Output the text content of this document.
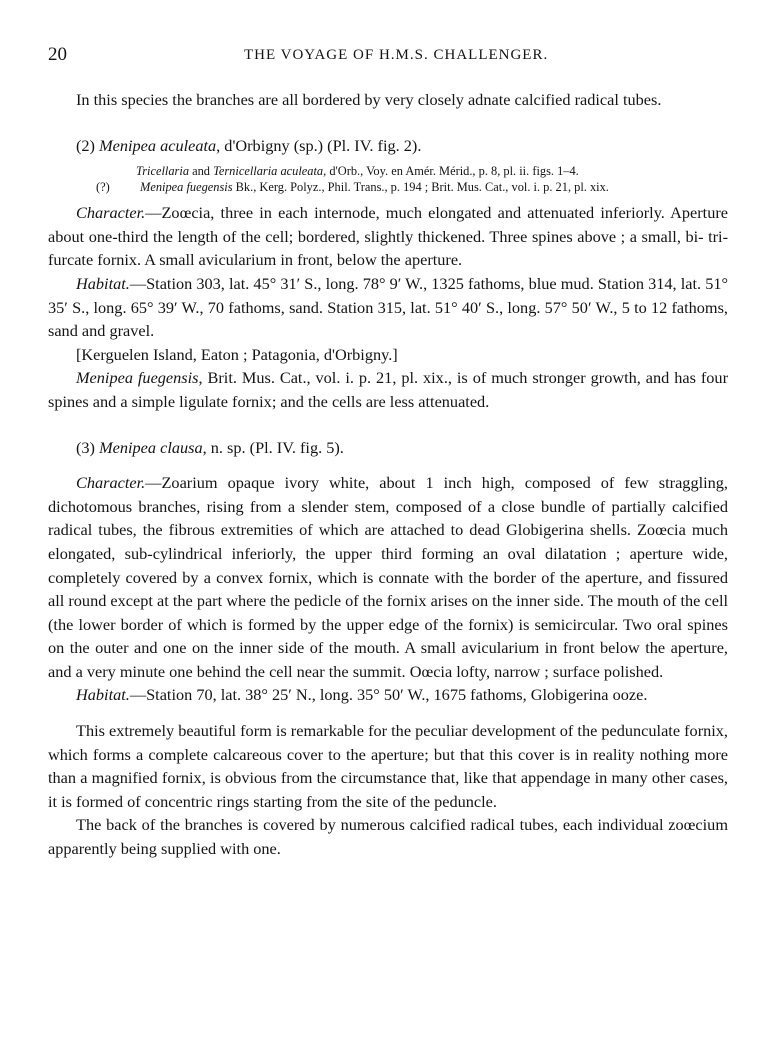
20	THE VOYAGE OF H.M.S. CHALLENGER.

In this species the branches are all bordered by very closely adnate calcified radical tubes.

(2) Menipea aculeata, d'Orbigny (sp.) (Pl. IV. fig. 2).

Tricellaria and Ternicellaria aculeata, d'Orb., Voy. en Amér. Mérid., p. 8, pl. ii. figs. 1–4.

(?) Menipea fuegensis Bk., Kerg. Polyz., Phil. Trans., p. 194 ; Brit. Mus. Cat., vol. i. p. 21, pl. xix.

Character.—Zoœcia, three in each internode, much elongated and attenuated inferiorly. Aperture about one-third the length of the cell; bordered, slightly thickened. Three spines above ; a small, bi- tri-furcate fornix. A small avicularium in front, below the aperture.

Habitat.—Station 303, lat. 45° 31′ S., long. 78° 9′ W., 1325 fathoms, blue mud. Station 314, lat. 51° 35′ S., long. 65° 39′ W., 70 fathoms, sand. Station 315, lat. 51° 40′ S., long. 57° 50′ W., 5 to 12 fathoms, sand and gravel.

[Kerguelen Island, Eaton ; Patagonia, d'Orbigny.]

Menipea fuegensis, Brit. Mus. Cat., vol. i. p. 21, pl. xix., is of much stronger growth, and has four spines and a simple ligulate fornix; and the cells are less attenuated.

(3) Menipea clausa, n. sp. (Pl. IV. fig. 5).

Character.—Zoarium opaque ivory white, about 1 inch high, composed of few straggling, dichotomous branches, rising from a slender stem, composed of a close bundle of partially calcified radical tubes, the fibrous extremities of which are attached to dead Globigerina shells. Zoœcia much elongated, sub-cylindrical inferiorly, the upper third forming an oval dilatation ; aperture wide, completely covered by a convex fornix, which is connate with the border of the aperture, and fissured all round except at the part where the pedicle of the fornix arises on the inner side. The mouth of the cell (the lower border of which is formed by the upper edge of the fornix) is semicircular. Two oral spines on the outer and one on the inner side of the mouth. A small avicularium in front below the aperture, and a very minute one behind the cell near the summit. Oœcia lofty, narrow ; surface polished.

Habitat.—Station 70, lat. 38° 25′ N., long. 35° 50′ W., 1675 fathoms, Globigerina ooze.

This extremely beautiful form is remarkable for the peculiar development of the pedunculate fornix, which forms a complete calcareous cover to the aperture; but that this cover is in reality nothing more than a magnified fornix, is obvious from the circumstance that, like that appendage in many other cases, it is formed of concentric rings starting from the site of the peduncle.

The back of the branches is covered by numerous calcified radical tubes, each individual zoœcium apparently being supplied with one.
